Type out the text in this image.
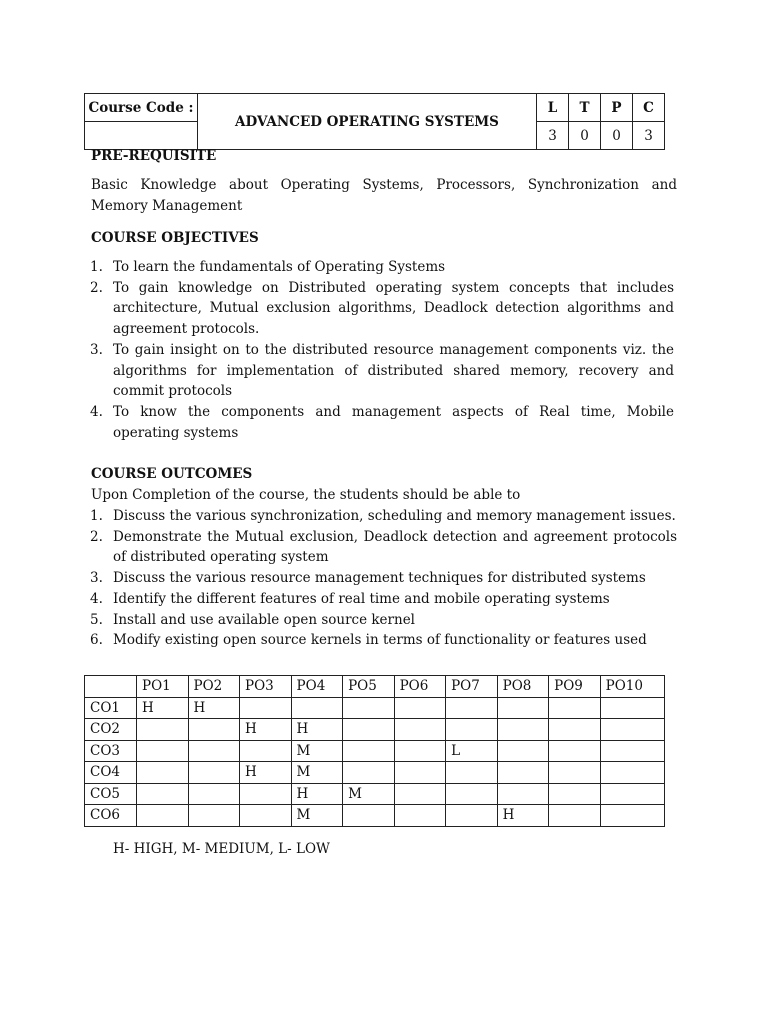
Course Code :	ADVANCED OPERATING SYSTEMS	L	T	P	C
		3	0	0	3
PRE-REQUISITE
Basic Knowledge about Operating Systems, Processors, Synchronization and Memory Management
COURSE OBJECTIVES
1. To learn the fundamentals of Operating Systems
2. To gain knowledge on Distributed operating system concepts that includes architecture, Mutual exclusion algorithms, Deadlock detection algorithms and agreement protocols.
3. To gain insight on to the distributed resource management components viz. the algorithms for implementation of distributed shared memory, recovery and commit protocols
4. To know the components and management aspects of Real time, Mobile operating systems
COURSE OUTCOMES
Upon Completion of the course, the students should be able to
1. Discuss the various synchronization, scheduling and memory management issues.
2. Demonstrate the Mutual exclusion, Deadlock detection and agreement protocols of distributed operating system
3. Discuss the various resource management techniques for distributed systems
4. Identify the different features of real time and mobile operating systems
5. Install and use available open source kernel
6. Modify existing open source kernels in terms of functionality or features used
	PO1	PO2	PO3	PO4	PO5	PO6	PO7	PO8	PO9	PO10
CO1	H	H								
CO2			H	H						
CO3				M			L			
CO4			H	M						
CO5				H	M					
CO6				M				H		
H- HIGH, M- MEDIUM, L- LOW
